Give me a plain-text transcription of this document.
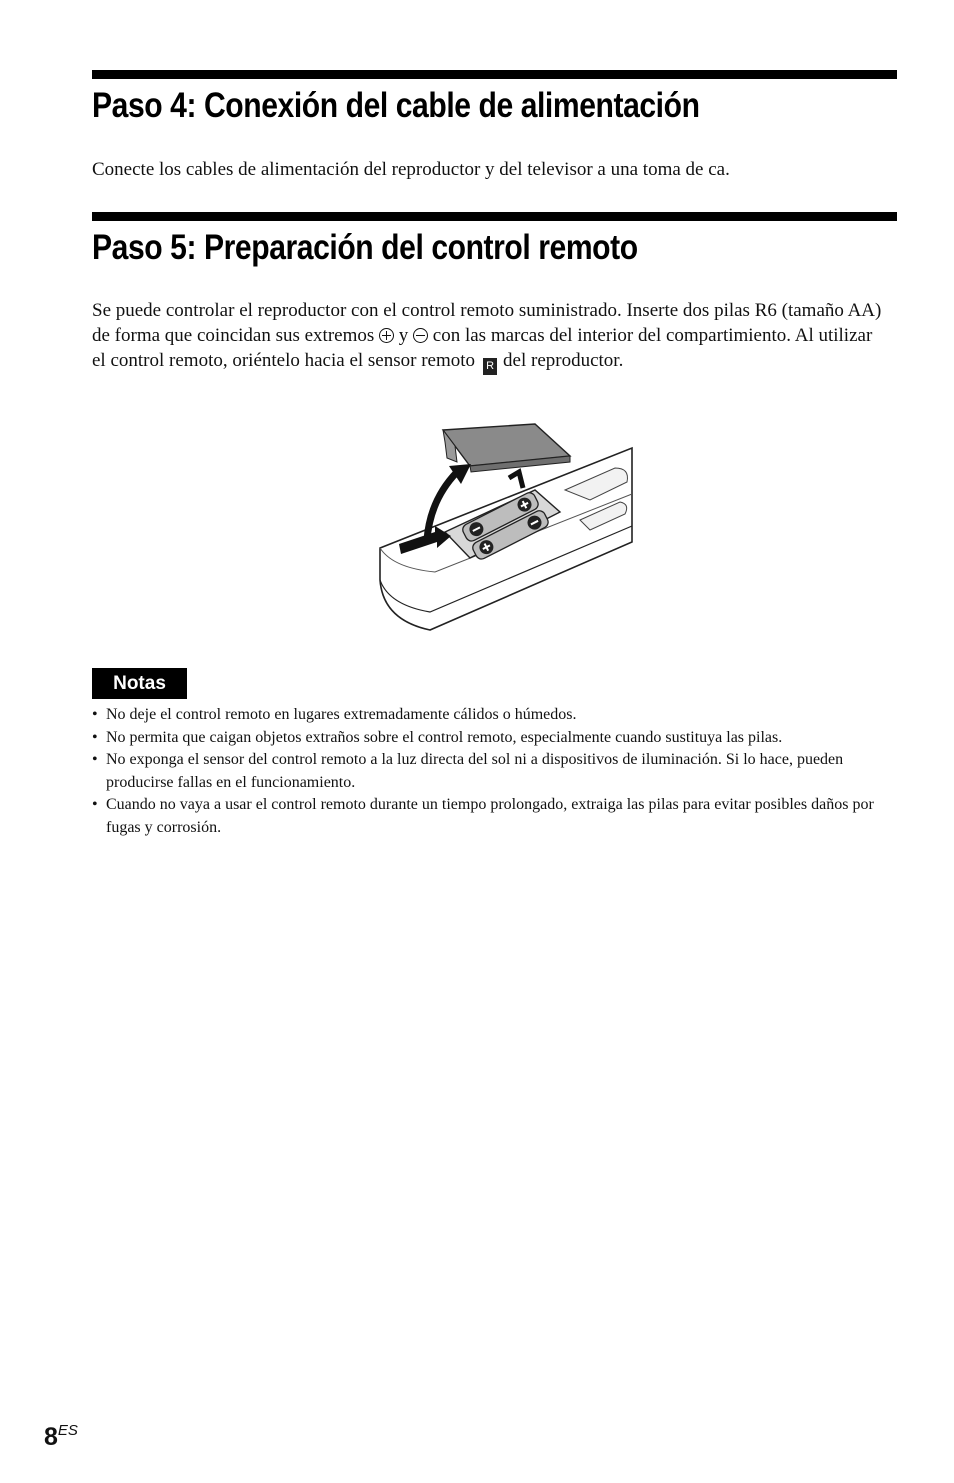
Paso 4: Conexión del cable de alimentación

Conecte los cables de alimentación del reproductor y del televisor a una toma de ca.

Paso 5: Preparación del control remoto

Se puede controlar el reproductor con el control remoto suministrado. Inserte dos pilas R6 (tamaño AA) de forma que coincidan sus extremos y con las marcas del interior del compartimiento. Al utilizar el control remoto, oriéntelo hacia el sensor remoto R del reproductor.

Notas
• No deje el control remoto en lugares extremadamente cálidos o húmedos.
• No permita que caigan objetos extraños sobre el control remoto, especialmente cuando sustituya las pilas.
• No exponga el sensor del control remoto a la luz directa del sol ni a dispositivos de iluminación. Si lo hace, pueden producirse fallas en el funcionamiento.
• Cuando no vaya a usar el control remoto durante un tiempo prolongado, extraiga las pilas para evitar posibles daños por fugas y corrosión.
$8^{ES}$
